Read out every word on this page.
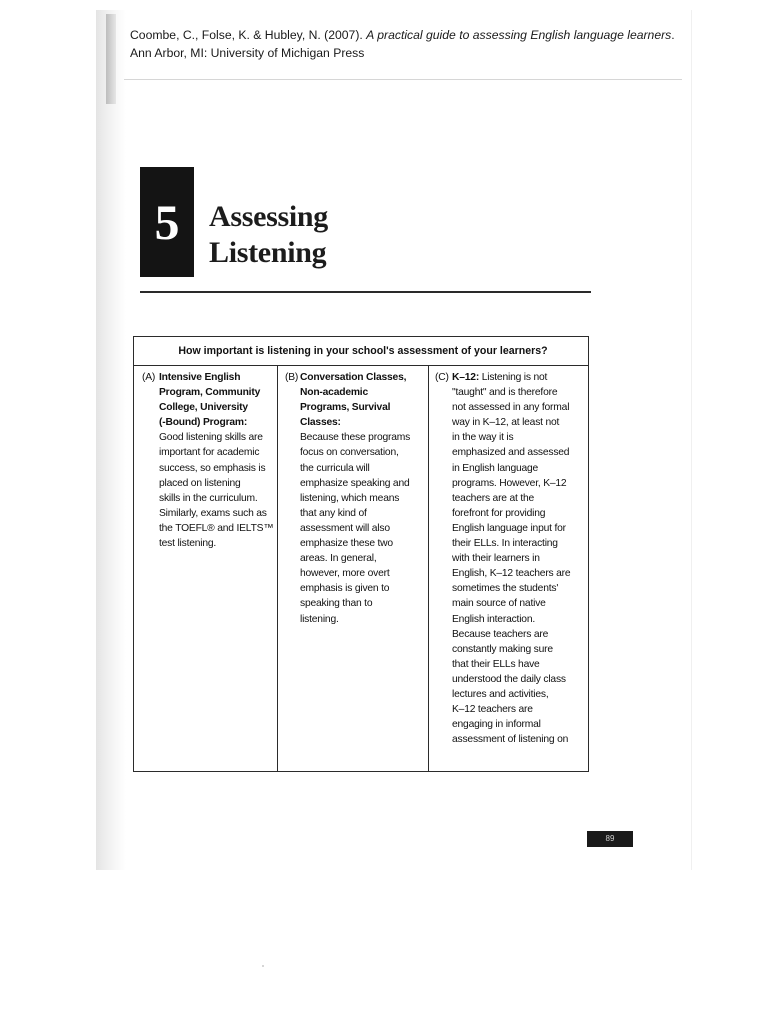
Coombe, C., Folse, K. & Hubley, N. (2007). A practical guide to assessing English language learners. Ann Arbor, MI: University of Michigan Press
5 Assessing
Listening
How important is listening in your school's assessment of your learners?
(A) Intensive English
Program, Community
College, University
(-Bound) Program:
Good listening skills are
important for academic
success, so emphasis is
placed on listening
skills in the curriculum.
Similarly, exams such as
the TOEFL® and IELTS™
test listening.
(B) Conversation Classes,
Non-academic
Programs, Survival
Classes:
Because these programs
focus on conversation,
the curricula will
emphasize speaking and
listening, which means
that any kind of
assessment will also
emphasize these two
areas. In general,
however, more overt
emphasis is given to
speaking than to
listening.
(C) K–12: Listening is not
"taught" and is therefore
not assessed in any formal
way in K–12, at least not
in the way it is
emphasized and assessed
in English language
programs. However, K–12
teachers are at the
forefront for providing
English language input for
their ELLs. In interacting
with their learners in
English, K–12 teachers are
sometimes the students'
main source of native
English interaction.
Because teachers are
constantly making sure
that their ELLs have
understood the daily class
lectures and activities,
K–12 teachers are
engaging in informal
assessment of listening on
89
